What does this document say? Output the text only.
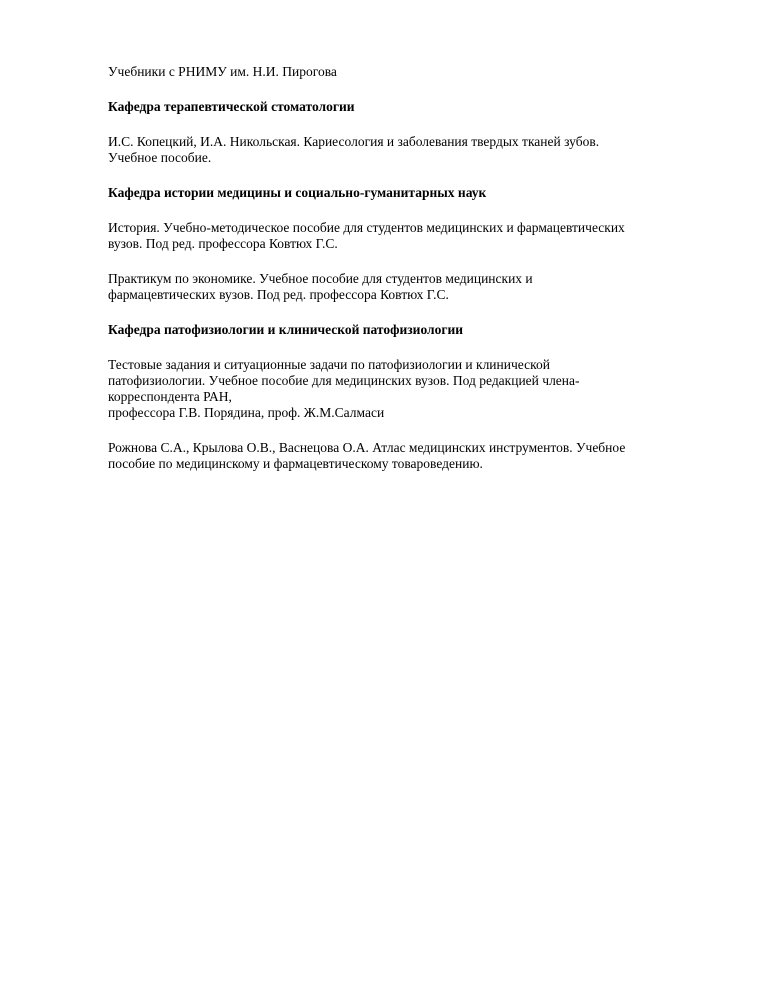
Учебники с РНИМУ им. Н.И. Пирогова

Кафедра терапевтической стоматологии

И.С. Копецкий, И.А. Никольская. Кариесология и заболевания твердых тканей зубов.
Учебное пособие.

Кафедра истории медицины и социально-гуманитарных наук

История. Учебно-методическое пособие для студентов медицинских и фармацевтических
вузов. Под ред. профессора Ковтюх Г.С.

Практикум по экономике. Учебное пособие для студентов медицинских и
фармацевтических вузов. Под ред. профессора Ковтюх Г.С.

Кафедра патофизиологии и клинической патофизиологии

Тестовые задания и ситуационные задачи по патофизиологии и клинической
патофизиологии. Учебное пособие для медицинских вузов. Под редакцией члена-
корреспондента РАН,
профессора Г.В. Порядина, проф. Ж.М.Салмаси

Рожнова С.А., Крылова О.В., Васнецова О.А. Атлас медицинских инструментов. Учебное
пособие по медицинскому и фармацевтическому товароведению.
